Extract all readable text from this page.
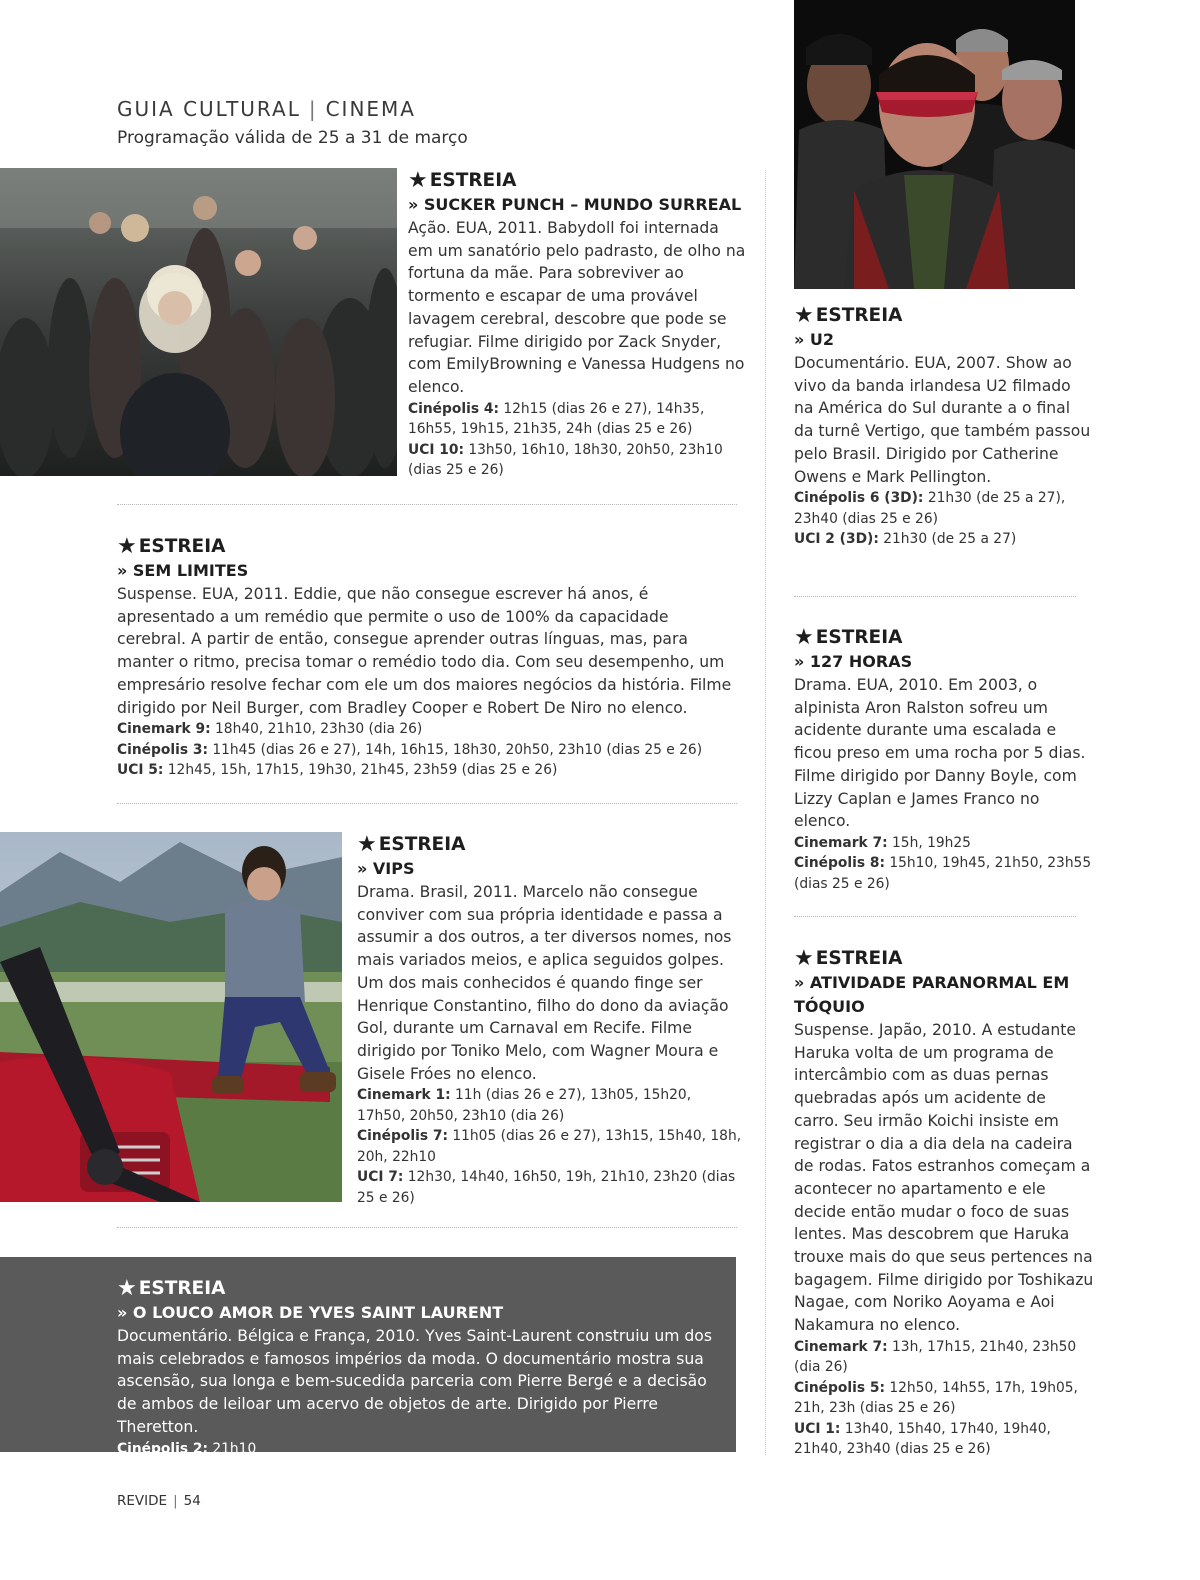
GUIA CULTURAL | CINEMA
Programação válida de 25 a 31 de março
★ ESTREIA
» SUCKER PUNCH – MUNDO SURREAL

Ação. EUA, 2011. Babydoll foi internada em um sanatório pelo padrasto, de olho na fortuna da mãe. Para sobreviver ao tormento e escapar de uma provável lavagem cerebral, descobre que pode se refugiar. Filme dirigido por Zack Snyder, com EmilyBrowning e Vanessa Hudgens no elenco.

Cinépolis 4: 12h15 (dias 26 e 27), 14h35, 16h55, 19h15, 21h35, 24h (dias 25 e 26)
UCI 10: 13h50, 16h10, 18h30, 20h50, 23h10 (dias 25 e 26)
★ ESTREIA
» SEM LIMITES

Suspense. EUA, 2011. Eddie, que não consegue escrever há anos, é apresentado a um remédio que permite o uso de 100% da capacidade cerebral. A partir de então, consegue aprender outras línguas, mas, para manter o ritmo, precisa tomar o remédio todo dia. Com seu desempenho, um empresário resolve fechar com ele um dos maiores negócios da história. Filme dirigido por Neil Burger, com Bradley Cooper e Robert De Niro no elenco.

Cinemark 9: 18h40, 21h10, 23h30 (dia 26)
Cinépolis 3: 11h45 (dias 26 e 27), 14h, 16h15, 18h30, 20h50, 23h10 (dias 25 e 26)
UCI 5: 12h45, 15h, 17h15, 19h30, 21h45, 23h59 (dias 25 e 26)
★ ESTREIA
» VIPS

Drama. Brasil, 2011. Marcelo não consegue conviver com sua própria identidade e passa a assumir a dos outros, a ter diversos nomes, nos mais variados meios, e aplica seguidos golpes. Um dos mais conhecidos é quando finge ser Henrique Constantino, filho do dono da aviação Gol, durante um Carnaval em Recife. Filme dirigido por Toniko Melo, com Wagner Moura e Gisele Fróes no elenco.

Cinemark 1: 11h (dias 26 e 27), 13h05, 15h20, 17h50, 20h50, 23h10 (dia 26)
Cinépolis 7: 11h05 (dias 26 e 27), 13h15, 15h40, 18h, 20h, 22h10
UCI 7: 12h30, 14h40, 16h50, 19h, 21h10, 23h20 (dias 25 e 26)
★ ESTREIA
» O LOUCO AMOR DE YVES SAINT LAURENT

Documentário. Bélgica e França, 2010. Yves Saint-Laurent construiu um dos mais celebrados e famosos impérios da moda. O documentário mostra sua ascensão, sua longa e bem-sucedida parceria com Pierre Bergé e a decisão de ambos de leiloar um acervo de objetos de arte. Dirigido por Pierre Theretton.

Cinépolis 2: 21h10
★ ESTREIA
» U2

Documentário. EUA, 2007. Show ao vivo da banda irlandesa U2 filmado na América do Sul durante a o final da turnê Vertigo, que também passou pelo Brasil. Dirigido por Catherine Owens e Mark Pellington.

Cinépolis 6 (3D): 21h30 (de 25 a 27), 23h40 (dias 25 e 26)
UCI 2 (3D): 21h30 (de 25 a 27)
★ ESTREIA
» 127 HORAS

Drama. EUA, 2010. Em 2003, o alpinista Aron Ralston sofreu um acidente durante uma escalada e ficou preso em uma rocha por 5 dias. Filme dirigido por Danny Boyle, com Lizzy Caplan e James Franco no elenco.

Cinemark 7: 15h, 19h25
Cinépolis 8: 15h10, 19h45, 21h50, 23h55 (dias 25 e 26)
★ ESTREIA
» ATIVIDADE PARANORMAL EM TÓQUIO

Suspense. Japão, 2010. A estudante Haruka volta de um programa de intercâmbio com as duas pernas quebradas após um acidente de carro. Seu irmão Koichi insiste em registrar o dia a dia dela na cadeira de rodas. Fatos estranhos começam a acontecer no apartamento e ele decide então mudar o foco de suas lentes. Mas descobrem que Haruka trouxe mais do que seus pertences na bagagem. Filme dirigido por Toshikazu Nagae, com Noriko Aoyama e Aoi Nakamura no elenco.

Cinemark 7: 13h, 17h15, 21h40, 23h50 (dia 26)
Cinépolis 5: 12h50, 14h55, 17h, 19h05, 21h, 23h (dias 25 e 26)
UCI 1: 13h40, 15h40, 17h40, 19h40, 21h40, 23h40 (dias 25 e 26)
REVIDE | 54
